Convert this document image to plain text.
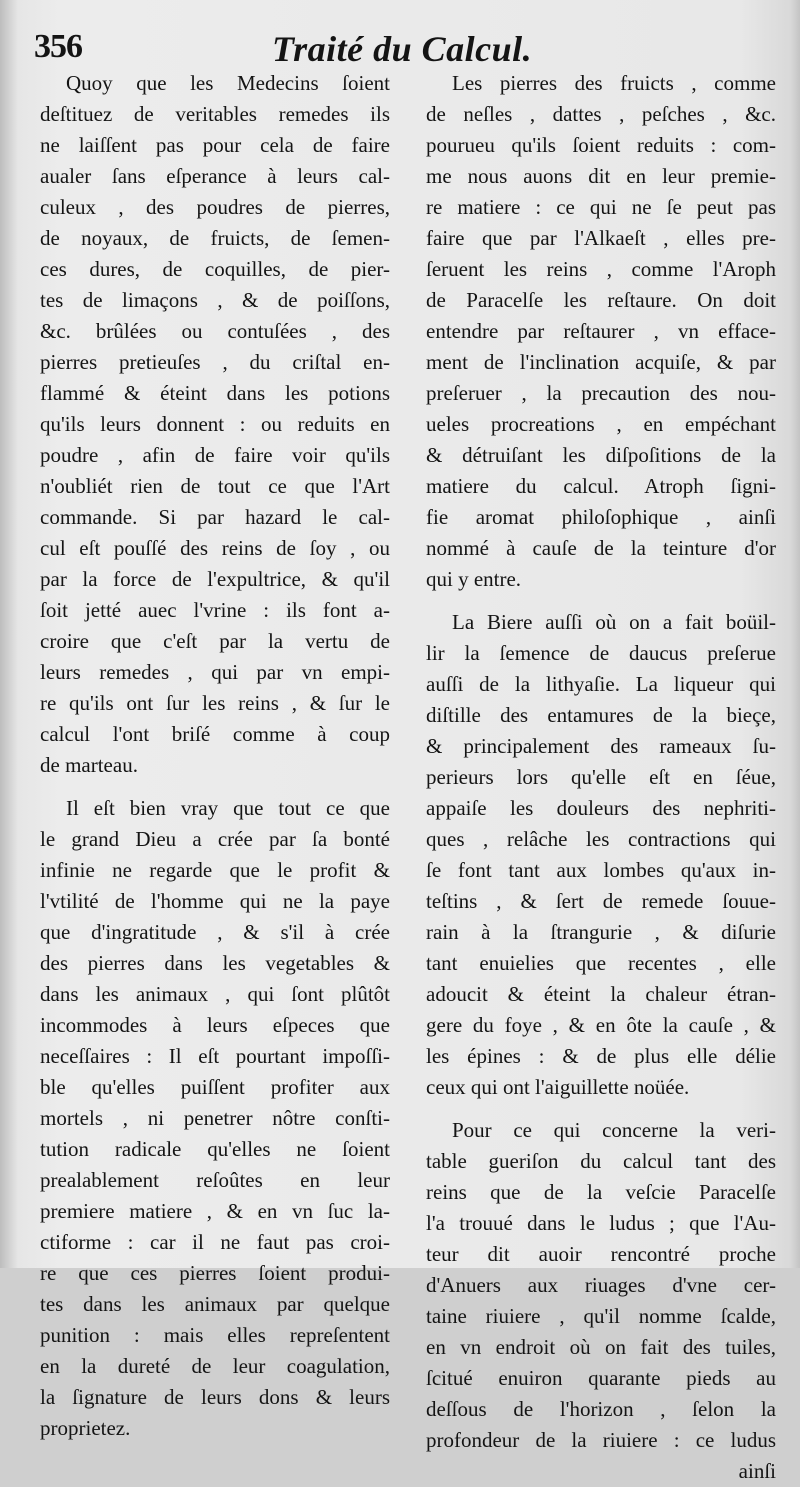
356	Traité du Calcul.
Quoy que les Medecins ſoient
deſtituez de veritables remedes ils
ne laiſſent pas pour cela de faire
aualer ſans eſperance à leurs cal-
culeux , des poudres de pierres,
de noyaux, de fruicts, de ſemen-
ces dures, de coquilles, de pier-
tes de limaçons , & de poiſſons,
&c. brûlées ou contuſées , des
pierres pretieuſes , du criſtal en-
flammé & éteint dans les potions
qu'ils leurs donnent : ou reduits en
poudre , afin de faire voir qu'ils
n'oubliét rien de tout ce que l'Art
commande. Si par hazard le cal-
cul eſt pouſſé des reins de ſoy , ou
par la force de l'expultrice, & qu'il
ſoit jetté auec l'vrine : ils font a-
croire que c'eſt par la vertu de
leurs remedes , qui par vn empi-
re qu'ils ont ſur les reins , & ſur le
calcul l'ont briſé comme à coup
de marteau.
Il eſt bien vray que tout ce que
le grand Dieu a crée par ſa bonté
infinie ne regarde que le profit &
l'vtilité de l'homme qui ne la paye
que d'ingratitude , & s'il à crée
des pierres dans les vegetables &
dans les animaux , qui ſont plûtôt
incommodes à leurs eſpeces que
neceſſaires : Il eſt pourtant impoſſi-
ble qu'elles puiſſent profiter aux
mortels , ni penetrer nôtre conſti-
tution radicale qu'elles ne ſoient
prealablement reſoûtes en leur
premiere matiere , & en vn ſuc la-
ctiforme : car il ne faut pas croi-
re que ces pierres ſoient produi-
tes dans les animaux par quelque
punition : mais elles repreſentent
en la dureté de leur coagulation,
la ſignature de leurs dons & leurs
proprietez.
Les pierres des fruicts , comme
de neſles , dattes , peſches , &c.
pourueu qu'ils ſoient reduits : com-
me nous auons dit en leur premie-
re matiere : ce qui ne ſe peut pas
faire que par l'Alkaeſt , elles pre-
ſeruent les reins , comme l'Aroph
de Paracelſe les reſtaure. On doit
entendre par reſtaurer , vn efface-
ment de l'inclination acquiſe, & par
preſeruer , la precaution des nou-
ueles procreations , en empéchant
& détruiſant les diſpoſitions de la
matiere du calcul. Atroph ſigni-
fie aromat philoſophique , ainſi
nommé à cauſe de la teinture d'or
qui y entre.
La Biere auſſi où on a fait boüil-
lir la ſemence de daucus preſerue
auſſi de la lithyaſie. La liqueur qui
diſtille des entamures de la bieçe,
& principalement des rameaux ſu-
perieurs lors qu'elle eſt en ſéue,
appaiſe les douleurs des nephriti-
ques , relâche les contractions qui
ſe font tant aux lombes qu'aux in-
teſtins , & ſert de remede ſouue-
rain à la ſtrangurie , & diſurie
tant enuielies que recentes , elle
adoucit & éteint la chaleur étran-
gere du foye , & en ôte la cauſe , &
les épines : & de plus elle délie
ceux qui ont l'aiguillette noüée.
Pour ce qui concerne la veri-
table gueriſon du calcul tant des
reins que de la veſcie Paracelſe
l'a trouué dans le ludus ; que l'Au-
teur dit auoir rencontré proche
d'Anuers aux riuages d'vne cer-
taine riuiere , qu'il nomme ſcalde,
en vn endroit où on fait des tuiles,
ſcitué enuiron quarante pieds au
deſſous de l'horizon , ſelon la
profondeur de la riuiere : ce ludus
ainſi
